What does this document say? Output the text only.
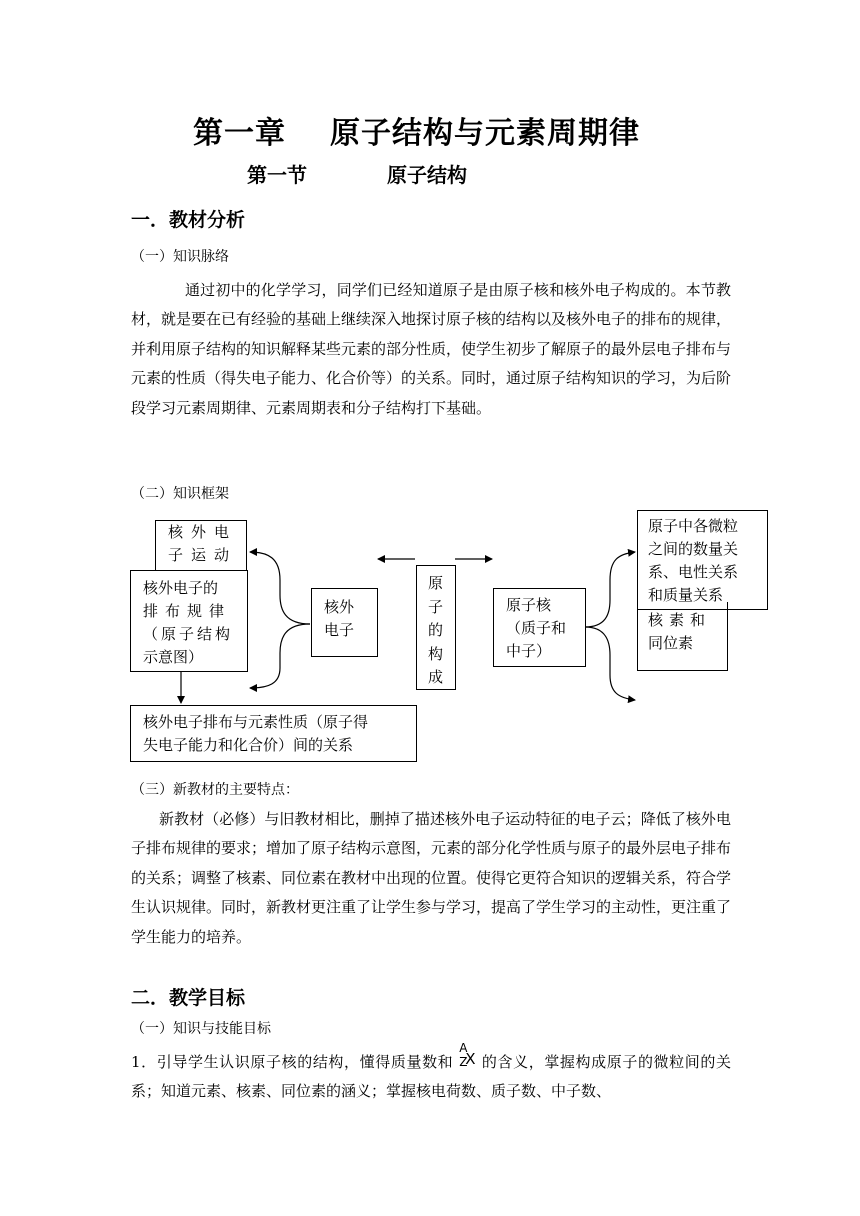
第一章 原子结构与元素周期律
第一节	原子结构
一．教材分析
（一）知识脉络
通过初中的化学学习，同学们已经知道原子是由原子核和核外电子构成的。本节教材，就是要在已有经验的基础上继续深入地探讨原子核的结构以及核外电子的排布的规律，并利用原子结构的知识解释某些元素的部分性质，使学生初步了解原子的最外层电子排布与元素的性质（得失电子能力、化合价等）的关系。同时，通过原子结构知识的学习，为后阶段学习元素周期律、元素周期表和分子结构打下基础。
（二）知识框架
核外电
子运动
核外电子的
排布规律
（原子结构
示意图）
核外
电子
原
子
的
构
成
原子核
（质子和
中子）
原子中各微粒
之间的数量关
系、电性关系
和质量关系
核素和
同位素
核外电子排布与元素性质（原子得
失电子能力和化合价）间的关系
（三）新教材的主要特点：
新教材（必修）与旧教材相比，删掉了描述核外电子运动特征的电子云；降低了核外电子排布规律的要求；增加了原子结构示意图，元素的部分化学性质与原子的最外层电子排布的关系；调整了核素、同位素在教材中出现的位置。使得它更符合知识的逻辑关系，符合学生认识规律。同时，新教材更注重了让学生参与学习，提高了学生学习的主动性，更注重了学生能力的培养。
二．教学目标
（一）知识与技能目标
1．引导学生认识原子核的结构，懂得质量数和
A
Z
X 的含义，掌握构成原子的微粒间的关系；知道元素、核素、同位素的涵义；掌握核电荷数、质子数、中子数、
